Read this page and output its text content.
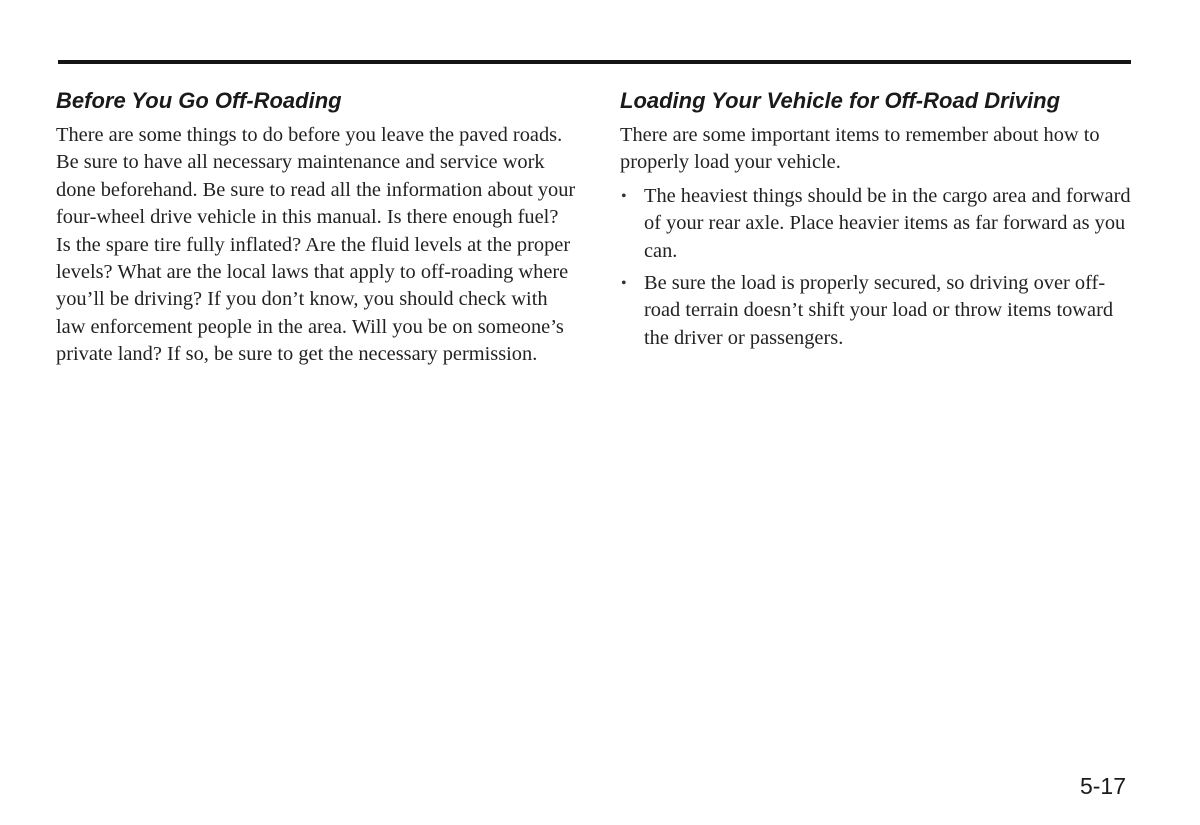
Before You Go Off-Roading

There are some things to do before you leave the paved roads. Be sure to have all necessary maintenance and service work done beforehand. Be sure to read all the information about your four-wheel drive vehicle in this manual. Is there enough fuel? Is the spare tire fully inflated? Are the fluid levels at the proper levels? What are the local laws that apply to off-roading where you’ll be driving? If you don’t know, you should check with law enforcement people in the area. Will you be on someone’s private land? If so, be sure to get the necessary permission.

Loading Your Vehicle for Off-Road Driving

There are some important items to remember about how to properly load your vehicle.

• The heaviest things should be in the cargo area and forward of your rear axle. Place heavier items as far forward as you can.
• Be sure the load is properly secured, so driving over off-road terrain doesn’t shift your load or throw items toward the driver or passengers.
5-17
